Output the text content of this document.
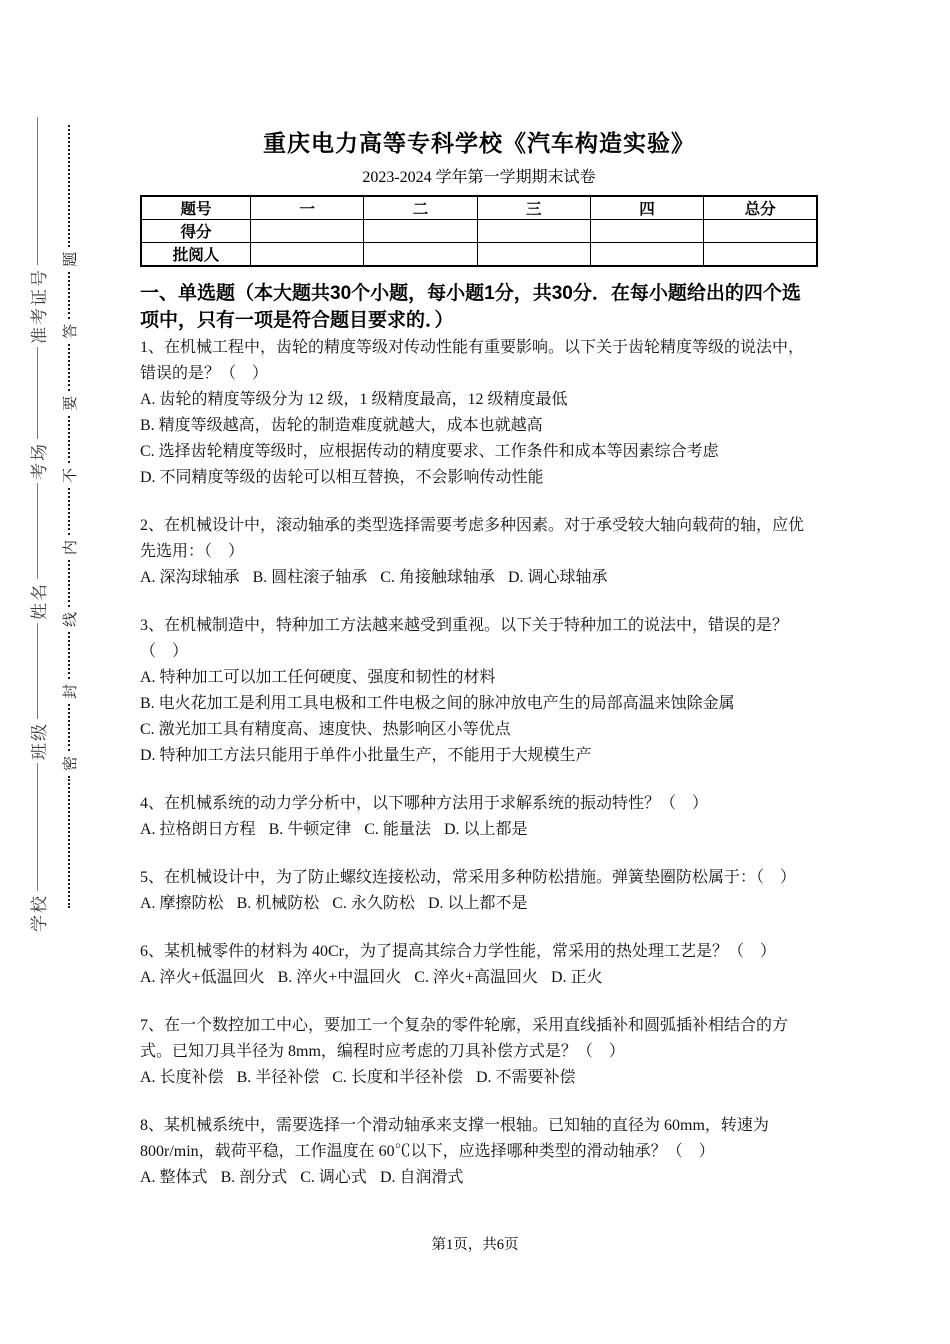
学校
班级
姓名
考场
准考证号
密
封
线
内
不
要
答
题
重庆电力高等专科学校《汽车构造实验》
2023-2024 学年第一学期期末试卷
题号	一	二	三	四	总分
得分					
批阅人					
一、单选题（本大题共30个小题，每小题1分，共30分．在每小题给出的四个选项中，只有一项是符合题目要求的．）
1、在机械工程中，齿轮的精度等级对传动性能有重要影响。以下关于齿轮精度等级的说法中，错误的是？（　）
A. 齿轮的精度等级分为 12 级，1 级精度最高，12 级精度最低
B. 精度等级越高，齿轮的制造难度就越大，成本也就越高
C. 选择齿轮精度等级时，应根据传动的精度要求、工作条件和成本等因素综合考虑
D. 不同精度等级的齿轮可以相互替换，不会影响传动性能
2、在机械设计中，滚动轴承的类型选择需要考虑多种因素。对于承受较大轴向载荷的轴，应优先选用：（　）
A. 深沟球轴承 B. 圆柱滚子轴承 C. 角接触球轴承 D. 调心球轴承
3、在机械制造中，特种加工方法越来越受到重视。以下关于特种加工的说法中，错误的是？（　）
A. 特种加工可以加工任何硬度、强度和韧性的材料
B. 电火花加工是利用工具电极和工件电极之间的脉冲放电产生的局部高温来蚀除金属
C. 激光加工具有精度高、速度快、热影响区小等优点
D. 特种加工方法只能用于单件小批量生产，不能用于大规模生产
4、在机械系统的动力学分析中，以下哪种方法用于求解系统的振动特性？（　）
A. 拉格朗日方程 B. 牛顿定律 C. 能量法 D. 以上都是
5、在机械设计中，为了防止螺纹连接松动，常采用多种防松措施。弹簧垫圈防松属于：（　）
A. 摩擦防松 B. 机械防松 C. 永久防松 D. 以上都不是
6、某机械零件的材料为 40Cr，为了提高其综合力学性能，常采用的热处理工艺是？（　）
A. 淬火+低温回火 B. 淬火+中温回火 C. 淬火+高温回火 D. 正火
7、在一个数控加工中心，要加工一个复杂的零件轮廓，采用直线插补和圆弧插补相结合的方式。已知刀具半径为 8mm，编程时应考虑的刀具补偿方式是？（　）
A. 长度补偿 B. 半径补偿 C. 长度和半径补偿 D. 不需要补偿
8、某机械系统中，需要选择一个滑动轴承来支撑一根轴。已知轴的直径为 60mm，转速为 800r/min，载荷平稳，工作温度在 60℃以下，应选择哪种类型的滑动轴承？（　）
A. 整体式 B. 剖分式 C. 调心式 D. 自润滑式
第1页，共6页
